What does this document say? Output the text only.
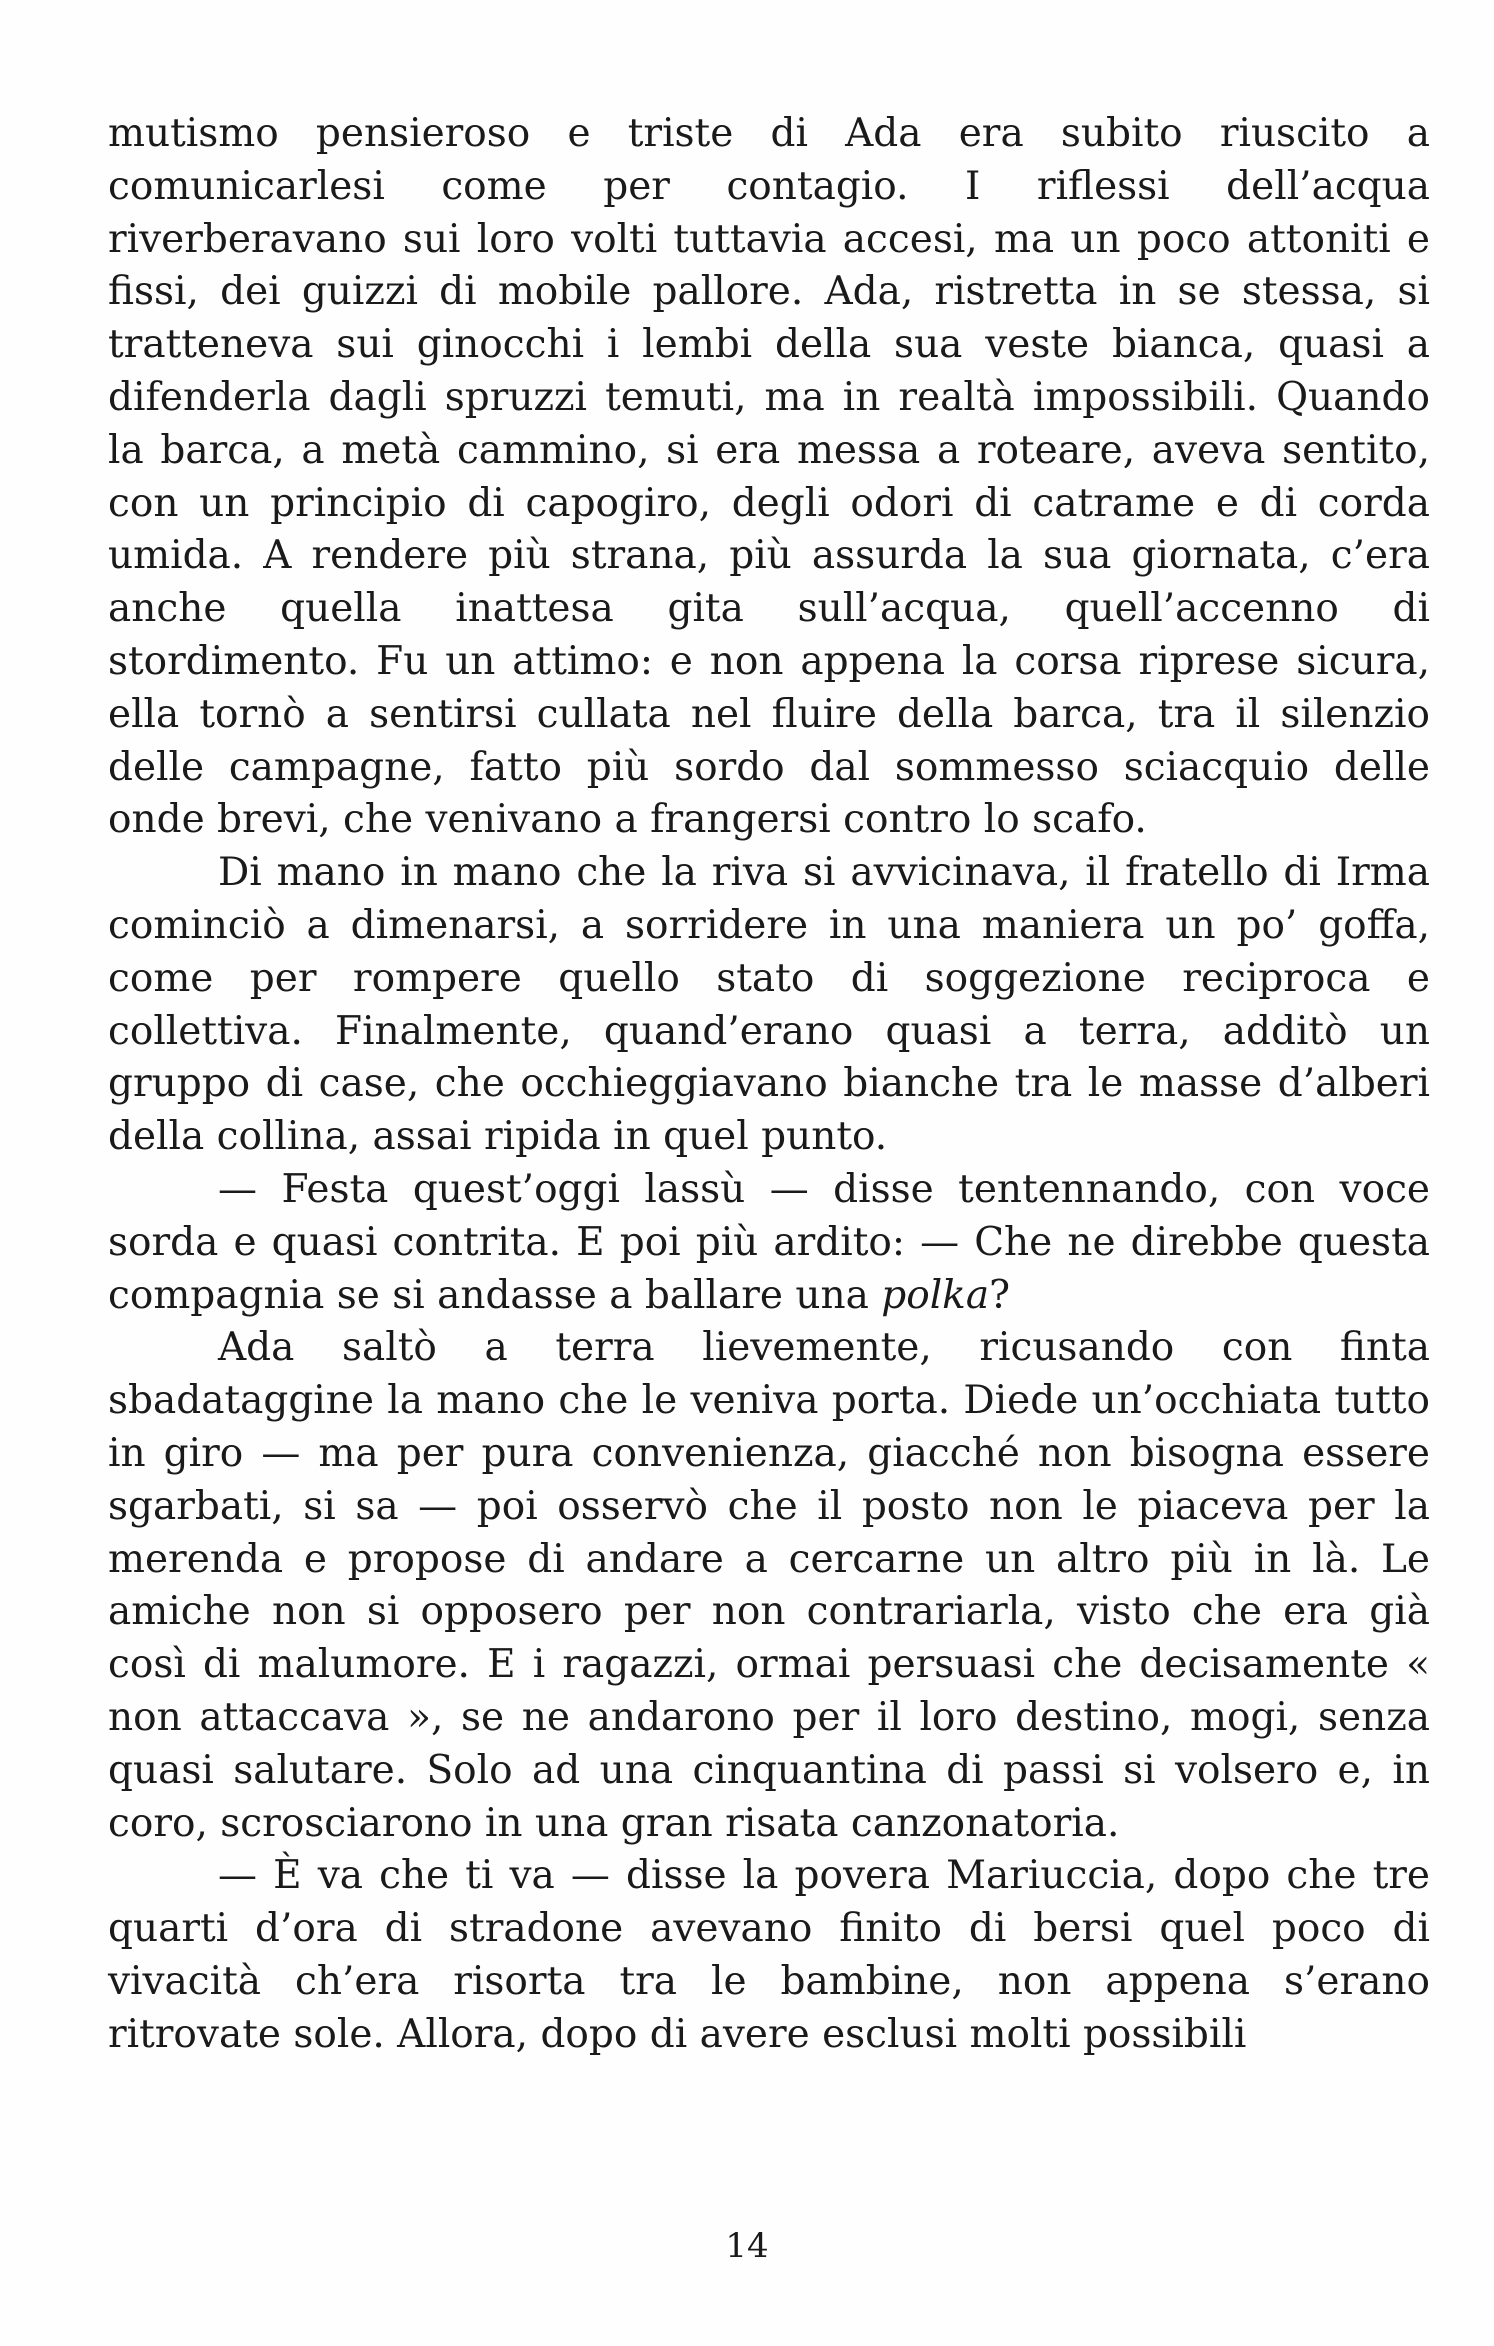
mutismo pensieroso e triste di Ada era subito riuscito a comunicarlesi come per contagio. I riflessi dell’acqua riverberavano sui loro volti tuttavia accesi, ma un poco attoniti e fissi, dei guizzi di mobile pallore. Ada, ristretta in se stessa, si tratteneva sui ginocchi i lembi della sua veste bianca, quasi a difenderla dagli spruzzi temuti, ma in realtà impossibili. Quando la barca, a metà cammino, si era messa a roteare, aveva sentito, con un principio di capogiro, degli odori di catrame e di corda umida. A rendere più strana, più assurda la sua giornata, c’era anche quella inattesa gita sull’acqua, quell’accenno di stordimento. Fu un attimo: e non appena la corsa riprese sicura, ella tornò a sentirsi cullata nel fluire della barca, tra il silenzio delle campagne, fatto più sordo dal sommesso sciacquio delle onde brevi, che venivano a frangersi contro lo scafo.

Di mano in mano che la riva si avvicinava, il fratello di Irma cominciò a dimenarsi, a sorridere in una maniera un po’ goffa, come per rompere quello stato di soggezione reciproca e collettiva. Finalmente, quand’erano quasi a terra, additò un gruppo di case, che occhieggiavano bianche tra le masse d’alberi della collina, assai ripida in quel punto.

— Festa quest’oggi lassù — disse tentennando, con voce sorda e quasi contrita. E poi più ardito: — Che ne direbbe questa compagnia se si andasse a ballare una polka?

Ada saltò a terra lievemente, ricusando con finta sbadataggine la mano che le veniva porta. Diede un’occhiata tutto in giro — ma per pura convenienza, giacché non bisogna essere sgarbati, si sa — poi osservò che il posto non le piaceva per la merenda e propose di andare a cercarne un altro più in là. Le amiche non si opposero per non contrariarla, visto che era già così di malumore. E i ragazzi, ormai persuasi che decisamente « non attaccava », se ne andarono per il loro destino, mogi, senza quasi salutare. Solo ad una cinquantina di passi si volsero e, in coro, scrosciarono in una gran risata canzonatoria.

— È va che ti va — disse la povera Mariuccia, dopo che tre quarti d’ora di stradone avevano finito di bersi quel poco di vivacità ch’era risorta tra le bambine, non appena s’erano ritrovate sole. Allora, dopo di avere esclusi molti possibili

14
